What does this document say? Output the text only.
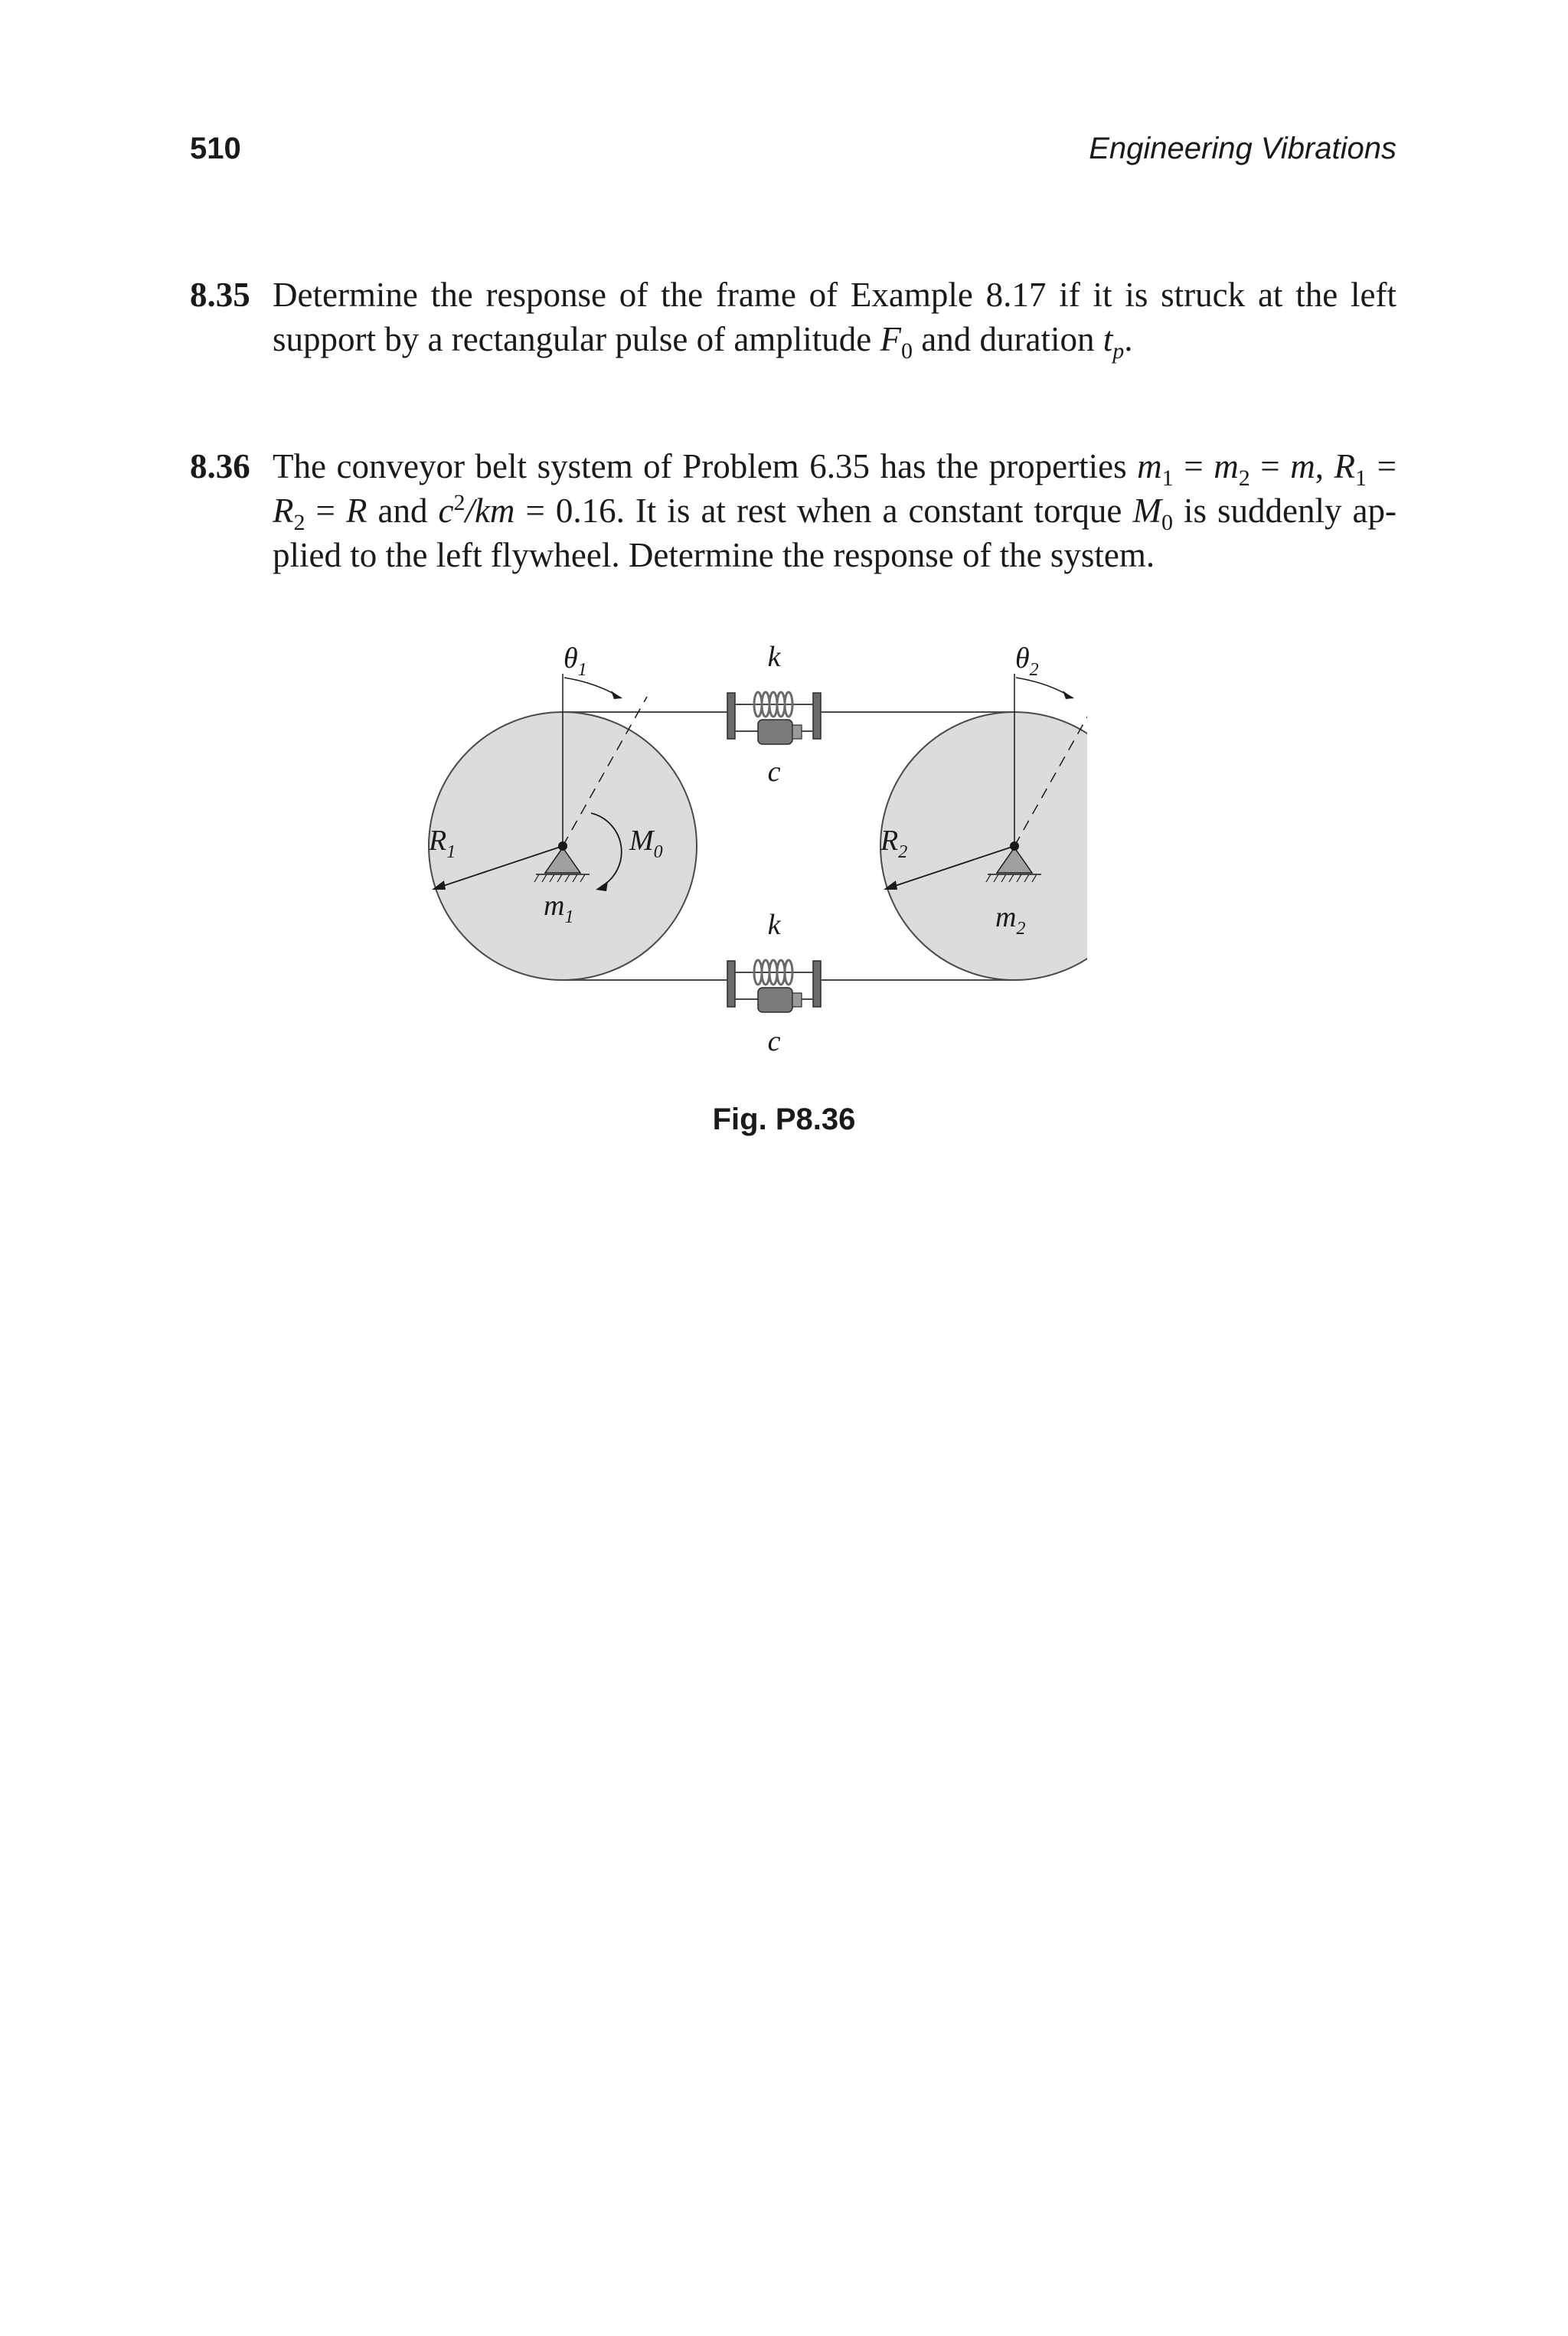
510	Engineering Vibrations
8.35 Determine the response of the frame of Example 8.17 if it is struck at the left
support by a rectangular pulse of amplitude $F_0$ and duration $t_p$.
8.36 The conveyor belt system of Problem 6.35 has the properties $m_1 = m_2 = m$, $R_1$ =
$R_2 = R$ and $c^2/km = 0.16$. It is at rest when a constant torque $M_0$ is suddenly ap-
plied to the left flywheel. Determine the response of the system.
$\theta_1$	$\theta_2$
$R_1$	$R_2$
$M_0$
$m_1$	$m_2$
k
c
k
c
Fig. P8.36
